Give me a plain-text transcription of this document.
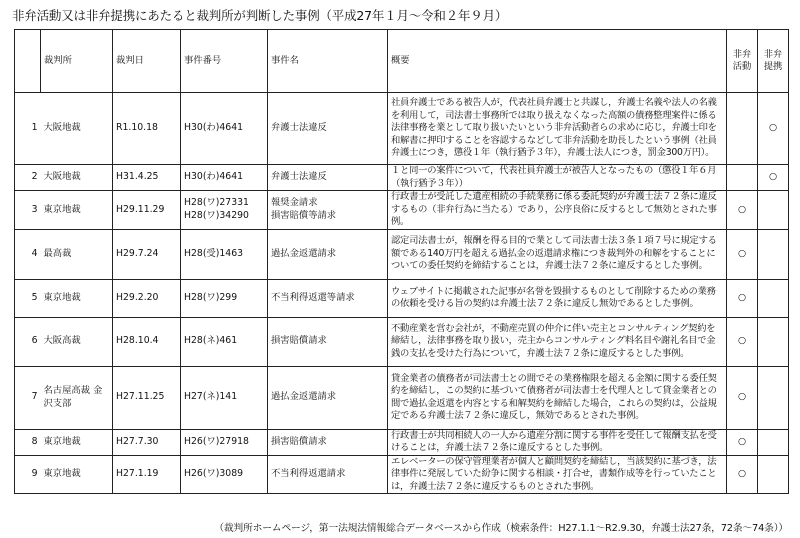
非弁活動又は非弁提携にあたると裁判所が判断した事例（平成27年１月〜令和２年９月）
	裁判所	裁判日	事件番号	事件名	概要	非弁
活動	非弁
提携
1	大阪地裁	R1.10.18	H30(わ)4641	弁護士法違反	社員弁護士である被告人が，代表社員弁護士と共謀し，弁護士名義や法人の名義を利用して，司法書士事務所では取り扱えなくなった高額の債務整理案件に係る法律事務を業として取り扱いたいという非弁活動者らの求めに応じ，弁護士印を和解書に押印することを容認するなどして非弁活動を助長したという事例（社員弁護士につき，懲役１年（執行猶予３年），弁護士法人につき，罰金300万円）。		○
2	大阪地裁	H31.4.25	H30(わ)4641	弁護士法違反	１と同一の案件について，代表社員弁護士が被告人となったもの（懲役１年６月（執行猶予３年））		○
3	東京地裁	H29.11.29	H28(ワ)27331
H28(ワ)34290	報奨金請求
損害賠償等請求	行政書士が受託した遺産相続の手続業務に係る委託契約が弁護士法７２条に違反するもの（非弁行為に当たる）であり，公序良俗に反するとして無効とされた事例。	○	
4	最高裁	H29.7.24	H28(受)1463	過払金返還請求	認定司法書士が，報酬を得る目的で業として司法書士法３条１項７号に規定する額である140万円を超える過払金の返還請求権につき裁判外の和解をすることについての委任契約を締結することは，弁護士法７２条に違反するとした事例。	○	
5	東京地裁	H29.2.20	H28(ワ)299	不当利得返還等請求	ウェブサイトに掲載された記事が名誉を毀損するものとして削除するための業務の依頼を受ける旨の契約は弁護士法７２条に違反し無効であるとした事例。	○	
6	大阪高裁	H28.10.4	H28(ネ)461	損害賠償請求	不動産業を営む会社が，不動産売買の仲介に伴い売主とコンサルティング契約を締結し，法律事務を取り扱い，売主からコンサルティング料名目や謝礼名目で金銭の支払を受けた行為について，弁護士法７２条に違反するとした事例。	○	
7	名古屋高裁 金沢支部	H27.11.25	H27(ネ)141	過払金返還請求	貸金業者の債務者が司法書士との間でその業務権限を超える金額に関する委任契約を締結し，この契約に基づいて債務者が司法書士を代理人として貸金業者との間で過払金返還を内容とする和解契約を締結した場合，これらの契約は，公益規定である弁護士法７２条に違反し，無効であるとされた事例。	○	
8	東京地裁	H27.7.30	H26(ワ)27918	損害賠償請求	行政書士が共同相続人の一人から遺産分割に関する事件を受任して報酬支払を受けることは，弁護士法７２条に違反するとした事例。	○	
9	東京地裁	H27.1.19	H26(ワ)3089	不当利得返還請求	エレベーターの保守管理業者が個人と顧問契約を締結し，当該契約に基づき，法律事件に発展していた紛争に関する相談・打合せ，書類作成等を行っていたことは，弁護士法７２条に違反するものとされた事例。	○	
（裁判所ホームページ，第一法規法情報総合データベースから作成（検索条件：H27.1.1〜R2.9.30，弁護士法27条，72条〜74条））
